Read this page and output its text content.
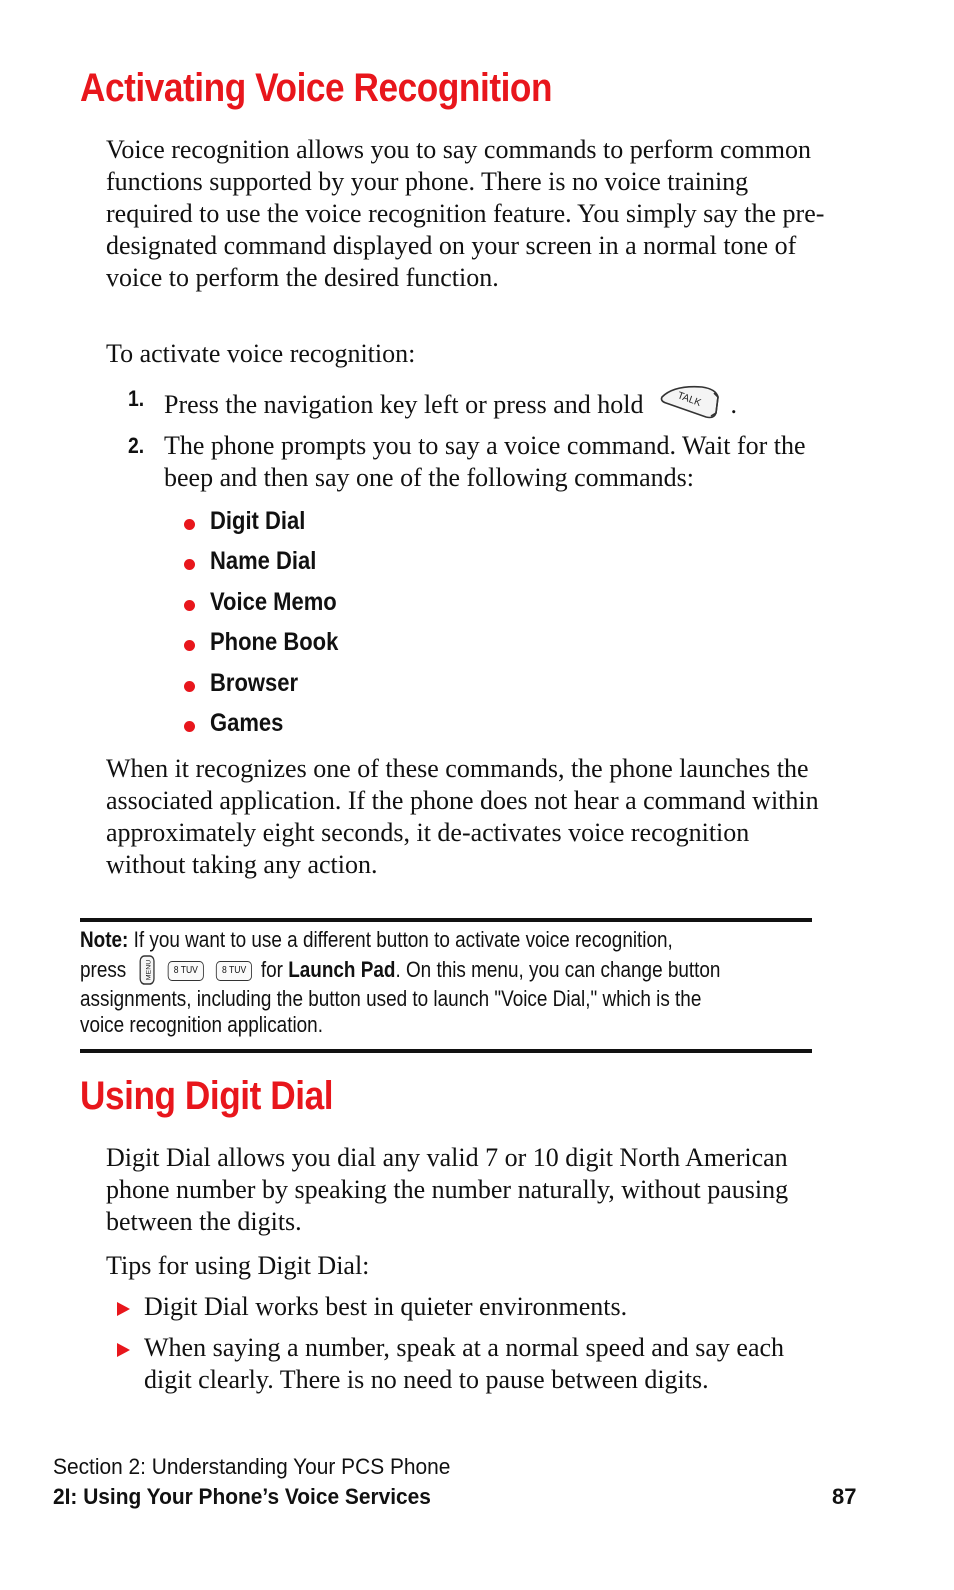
Activating Voice Recognition

Voice recognition allows you to say commands to perform common functions supported by your phone. There is no voice training required to use the voice recognition feature. You simply say the pre-designated command displayed on your screen in a normal tone of voice to perform the desired function.

To activate voice recognition:

1. Press the navigation key left or press and hold	TALK .
2. The phone prompts you to say a voice command. Wait for the beep and then say one of the following commands:
Digit Dial
Name Dial
Voice Memo
Phone Book
Browser
Games

When it recognizes one of these commands, the phone launches the associated application. If the phone does not hear a command within approximately eight seconds, it de-activates voice recognition without taking any action.

Note: If you want to use a different button to activate voice recognition,
press	MENU 8 TUV 8 TUV for Launch Pad. On this menu, you can change button
assignments, including the button used to launch "Voice Dial," which is the
voice recognition application.
Using Digit Dial

Digit Dial allows you dial any valid 7 or 10 digit North American phone number by speaking the number naturally, without pausing between the digits.

Tips for using Digit Dial:

Digit Dial works best in quieter environments.
When saying a number, speak at a normal speed and say each digit clearly. There is no need to pause between digits.
Section 2: Understanding Your PCS Phone
2I: Using Your Phone’s Voice Services	87
